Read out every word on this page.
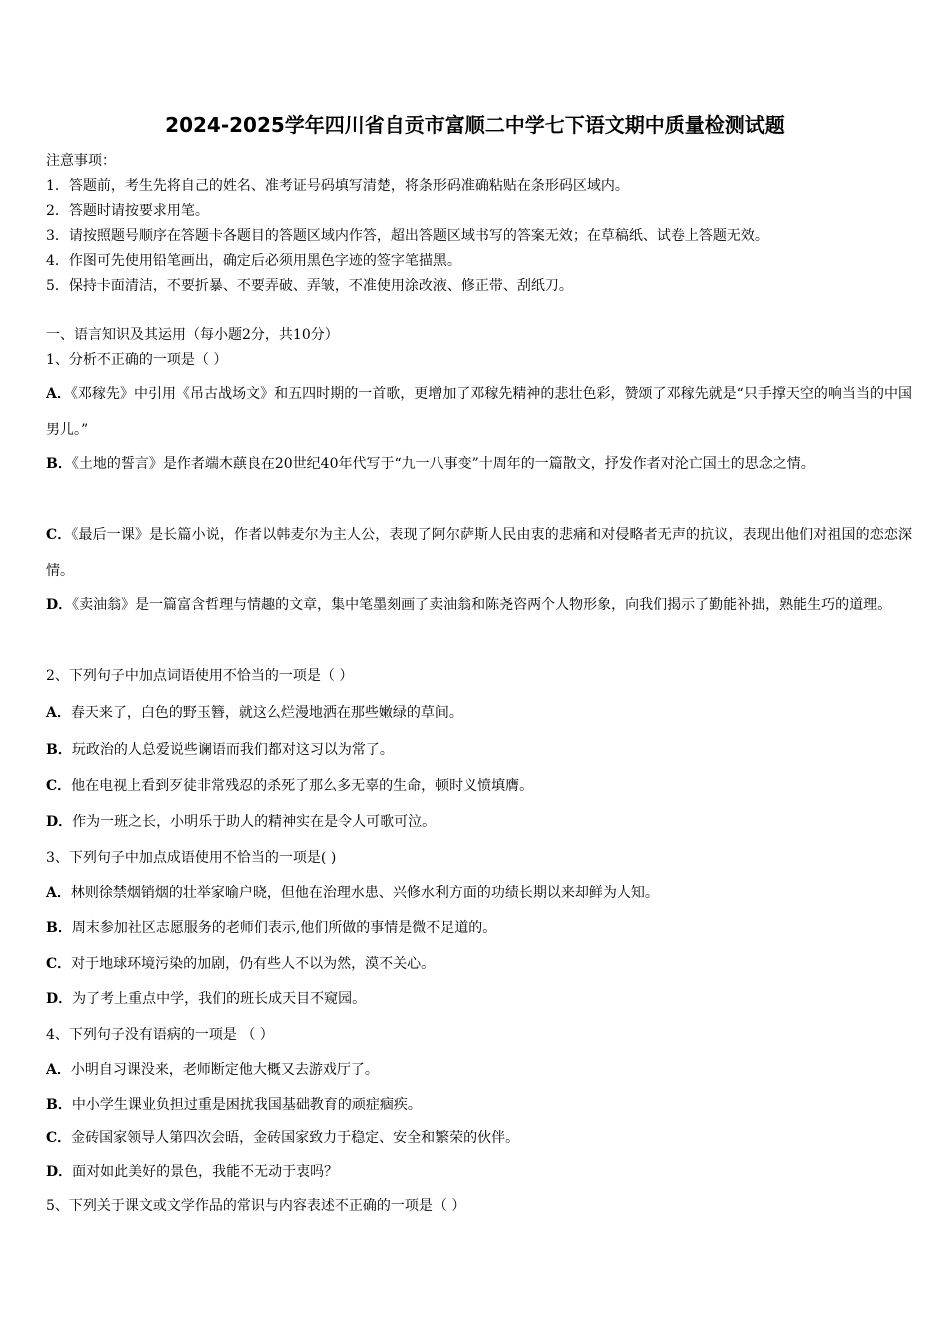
2024-2025学年四川省自贡市富顺二中学七下语文期中质量检测试题
注意事项：
1．答题前，考生先将自己的姓名、准考证号码填写清楚，将条形码准确粘贴在条形码区域内。
2．答题时请按要求用笔。
3．请按照题号顺序在答题卡各题目的答题区域内作答，超出答题区域书写的答案无效；在草稿纸、试卷上答题无效。
4．作图可先使用铅笔画出，确定后必须用黑色字迹的签字笔描黑。
5．保持卡面清洁，不要折暴、不要弄破、弄皱，不准使用涂改液、修正带、刮纸刀。
一、语言知识及其运用（每小题2分，共10分）
1、分析不正确的一项是（ ）
A．《邓稼先》中引用《吊古战场文》和五四时期的一首歌，更增加了邓稼先精神的悲壮色彩，赞颂了邓稼先就是“只手撑天空的响当当的中国男儿。”
B．《土地的誓言》是作者端木蕻良在20世纪40年代写于“九一八事变”十周年的一篇散文，抒发作者对沦亡国土的思念之情。
C．《最后一课》是长篇小说，作者以韩麦尔为主人公，表现了阿尔萨斯人民由衷的悲痛和对侵略者无声的抗议，表现出他们对祖国的恋恋深情。
D．《卖油翁》是一篇富含哲理与情趣的文章，集中笔墨刻画了卖油翁和陈尧咨两个人物形象，向我们揭示了勤能补拙，熟能生巧的道理。
2、下列句子中加点词语使用不恰当的一项是（ ）
A．春天来了，白色的野玉簪，就这么烂漫地洒在那些嫩绿的草间。
B．玩政治的人总爱说些谰语而我们都对这习以为常了。
C．他在电视上看到歹徒非常残忍的杀死了那么多无辜的生命，顿时义愤填膺。
D．作为一班之长，小明乐于助人的精神实在是令人可歌可泣。
3、下列句子中加点成语使用不恰当的一项是( )
A．林则徐禁烟销烟的壮举家喻户晓，但他在治理水患、兴修水利方面的功绩长期以来却鲜为人知。
B．周末参加社区志愿服务的老师们表示,他们所做的事情是微不足道的。
C．对于地球环境污染的加剧，仍有些人不以为然，漠不关心。
D．为了考上重点中学，我们的班长成天目不窥园。
4、下列句子没有语病的一项是 （ ）
A．小明自习课没来，老师断定他大概又去游戏厅了。
B．中小学生课业负担过重是困扰我国基础教育的顽症痼疾。
C．金砖国家领导人第四次会晤，金砖国家致力于稳定、安全和繁荣的伙伴。
D．面对如此美好的景色，我能不无动于衷吗？
5、下列关于课文或文学作品的常识与内容表述不正确的一项是（ ）
